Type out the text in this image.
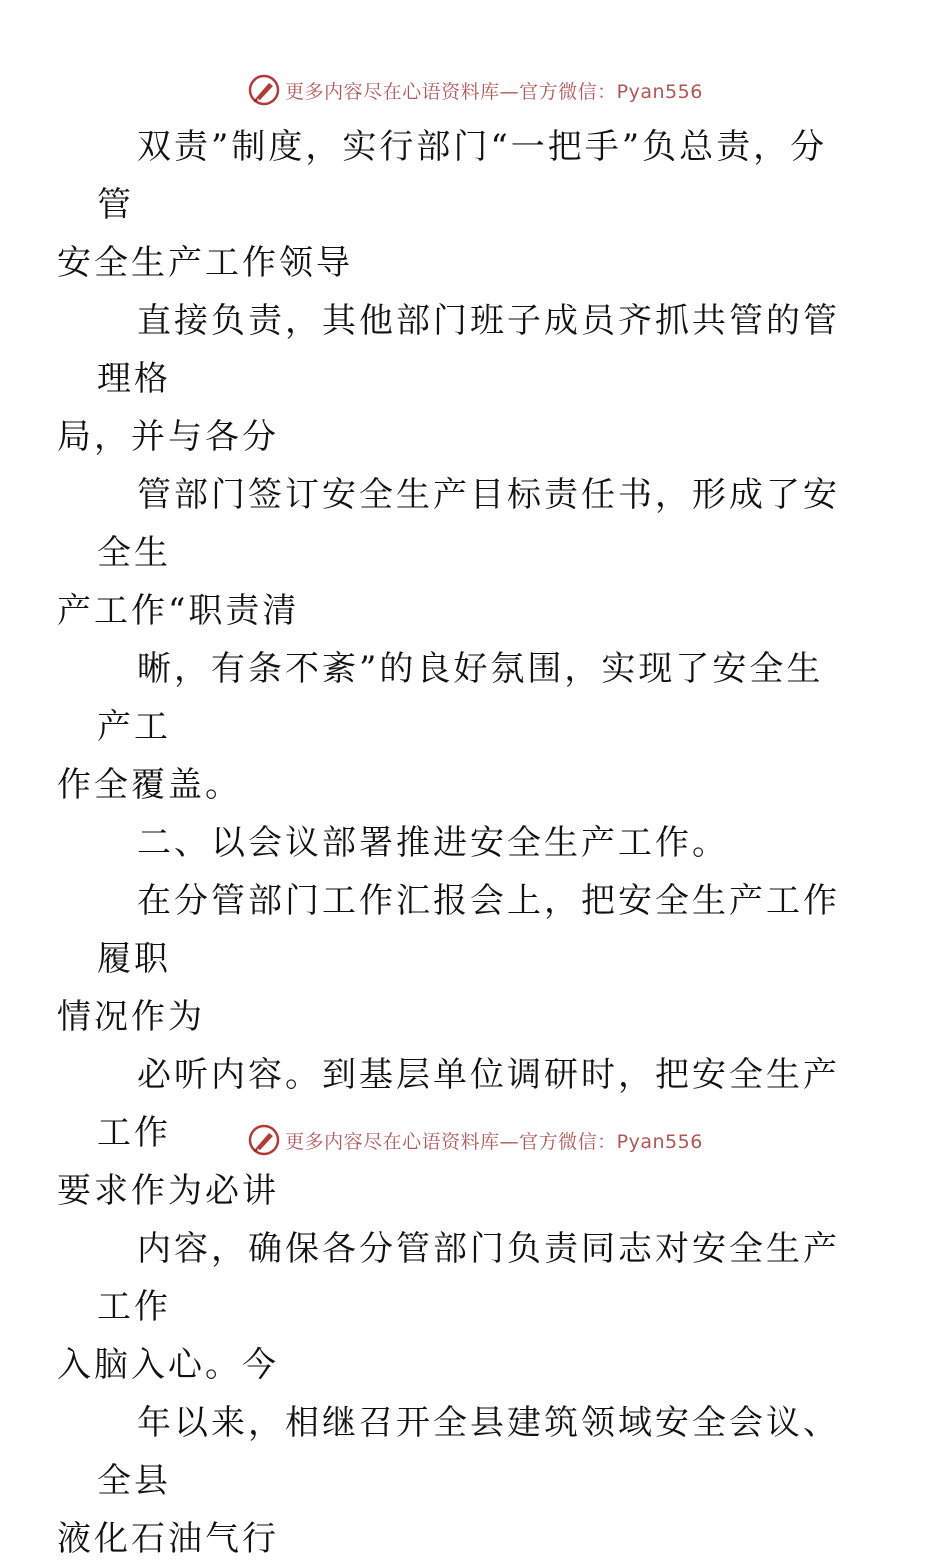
更多内容尽在心语资料库—官方微信：Pyan556

双责”制度，实行部门“一把手”负总责，分管
安全生产工作领导

直接负责，其他部门班子成员齐抓共管的管理格
局，并与各分

管部门签订安全生产目标责任书，形成了安全生
产工作“职责清

晰，有条不紊”的良好氛围，实现了安全生产工
作全覆盖。

二、以会议部署推进安全生产工作。

在分管部门工作汇报会上，把安全生产工作履职
情况作为

必听内容。到基层单位调研时，把安全生产工作
要求作为必讲

内容，确保各分管部门负责同志对安全生产工作
入脑入心。今

年以来，相继召开全县建筑领域安全会议、全县
液化石油气行

更多内容尽在心语资料库—官方微信：Pyan556
